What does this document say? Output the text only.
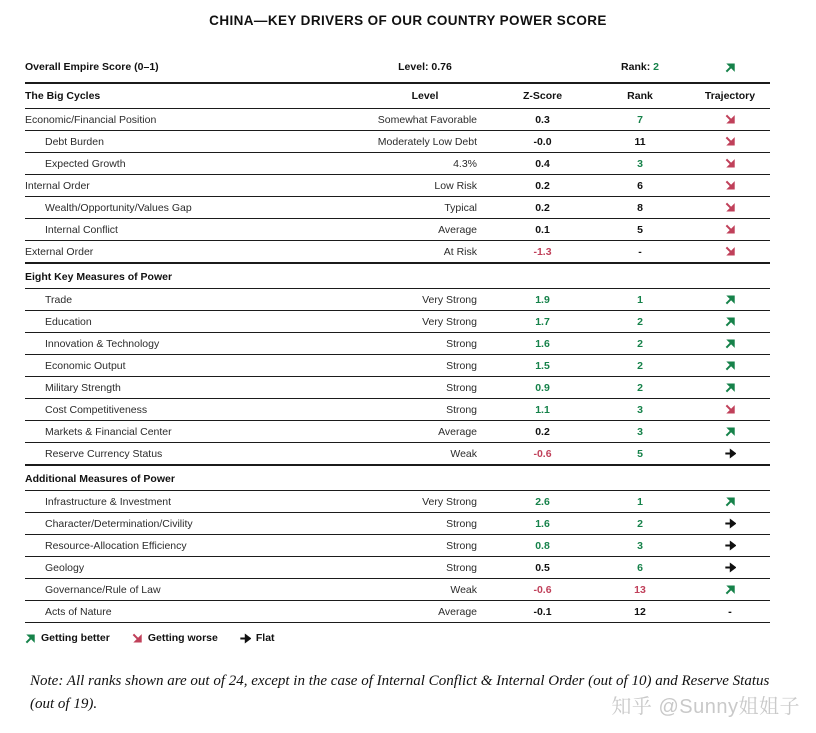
CHINA—KEY DRIVERS OF OUR COUNTRY POWER SCORE
Overall Empire Score (0–1)	Level: 0.76		Rank: 2	

The Big Cycles	Level	Z-Score	Rank	Trajectory
Economic/Financial Position	Somewhat Favorable	0.3	7	

Debt Burden	Moderately Low Debt	-0.0	11	

Expected Growth	4.3%	0.4	3	

Internal Order	Low Risk	0.2	6	

Wealth/Opportunity/Values Gap	Typical	0.2	8	

Internal Conflict	Average	0.1	5	

External Order	At Risk	-1.3	-	

Eight Key Measures of Power				
Trade	Very Strong	1.9	1	

Education	Very Strong	1.7	2	

Innovation & Technology	Strong	1.6	2	

Economic Output	Strong	1.5	2	

Military Strength	Strong	0.9	2	

Cost Competitiveness	Strong	1.1	3	

Markets & Financial Center	Average	0.2	3	

Reserve Currency Status	Weak	-0.6	5	

Additional Measures of Power				
Infrastructure & Investment	Very Strong	2.6	1	

Character/Determination/Civility	Strong	1.6	2	

Resource-Allocation Efficiency	Strong	0.8	3	

Geology	Strong	0.5	6	

Governance/Rule of Law	Weak	-0.6	13	

Acts of Nature	Average	-0.1	12	-
Getting better	Getting worse	Flat
Note: All ranks shown are out of 24, except in the case of Internal Conflict & Internal Order (out of 10) and Reserve Status (out of 19).	知乎 @Sunny姐姐子
